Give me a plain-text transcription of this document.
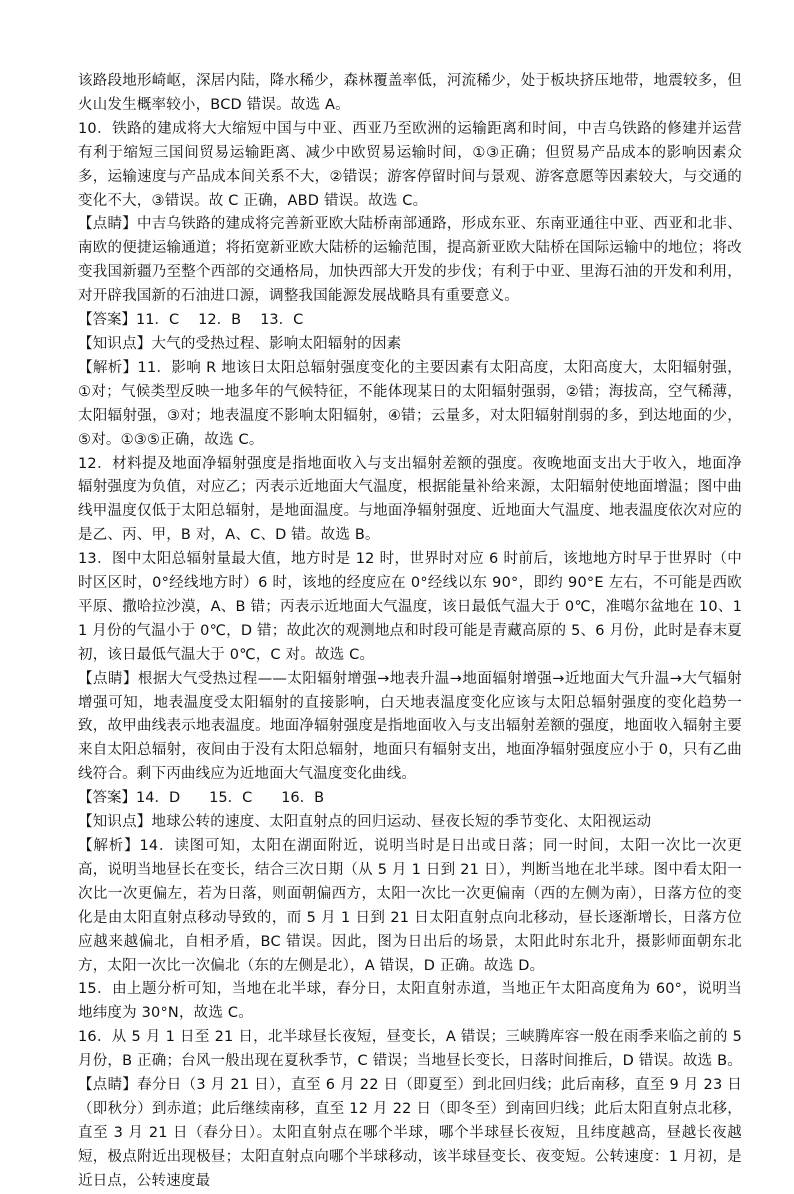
该路段地形崎岖，深居内陆，降水稀少，森林覆盖率低，河流稀少，处于板块挤压地带，地震较多，但火山发生概率较小，BCD 错误。故选 A。

10．铁路的建成将大大缩短中国与中亚、西亚乃至欧洲的运输距离和时间，中吉乌铁路的修建并运营有利于缩短三国间贸易运输距离、减少中欧贸易运输时间，①③正确；但贸易产品成本的影响因素众多，运输速度与产品成本间关系不大，②错误；游客停留时间与景观、游客意愿等因素较大，与交通的变化不大，③错误。故 C 正确，ABD 错误。故选 C。

【点睛】中吉乌铁路的建成将完善新亚欧大陆桥南部通路，形成东亚、东南亚通往中亚、西亚和北非、南欧的便捷运输通道；将拓宽新亚欧大陆桥的运输范围，提高新亚欧大陆桥在国际运输中的地位；将改变我国新疆乃至整个西部的交通格局，加快西部大开发的步伐；有利于中亚、里海石油的开发和利用，对开辟我国新的石油进口源，调整我国能源发展战略具有重要意义。

【答案】11．C　 12．B　 13．C

【知识点】大气的受热过程、影响太阳辐射的因素

【解析】11．影响 R 地该日太阳总辐射强度变化的主要因素有太阳高度，太阳高度大，太阳辐射强，①对；气候类型反映一地多年的气候特征，不能体现某日的太阳辐射强弱，②错；海拔高，空气稀薄，太阳辐射强，③对；地表温度不影响太阳辐射，④错；云量多，对太阳辐射削弱的多，到达地面的少，⑤对。①③⑤正确，故选 C。

12．材料提及地面净辐射强度是指地面收入与支出辐射差额的强度。夜晚地面支出大于收入，地面净辐射强度为负值，对应乙；丙表示近地面大气温度，根据能量补给来源，太阳辐射使地面增温；图中曲线甲温度仅低于太阳总辐射，是地面温度。与地面净辐射强度、近地面大气温度、地表温度依次对应的是乙、丙、甲，B 对，A、C、D 错。故选 B。

13．图中太阳总辐射量最大值，地方时是 12 时，世界时对应 6 时前后，该地地方时早于世界时（中时区区时，0°经线地方时）6 时，该地的经度应在 0°经线以东 90°，即约 90°E 左右，不可能是西欧平原、撒哈拉沙漠，A、B 错；丙表示近地面大气温度，该日最低气温大于 0℃，准噶尔盆地在 10、11 月份的气温小于 0℃，D 错；故此次的观测地点和时段可能是青藏高原的 5、6 月份，此时是春末夏初，该日最低气温大于 0℃，C 对。故选 C。

【点睛】根据大气受热过程——太阳辐射增强→地表升温→地面辐射增强→近地面大气升温→大气辐射增强可知，地表温度受太阳辐射的直接影响，白天地表温度变化应该与太阳总辐射强度的变化趋势一致，故甲曲线表示地表温度。地面净辐射强度是指地面收入与支出辐射差额的强度，地面收入辐射主要来自太阳总辐射，夜间由于没有太阳总辐射，地面只有辐射支出，地面净辐射强度应小于 0，只有乙曲线符合。剩下丙曲线应为近地面大气温度变化曲线。

【答案】14．D　　15．C　　16．B

【知识点】地球公转的速度、太阳直射点的回归运动、昼夜长短的季节变化、太阳视运动

【解析】14．读图可知，太阳在湖面附近，说明当时是日出或日落；同一时间，太阳一次比一次更高，说明当地昼长在变长，结合三次日期（从 5 月 1 日到 21 日），判断当地在北半球。图中看太阳一次比一次更偏左，若为日落，则面朝偏西方，太阳一次比一次更偏南（西的左侧为南），日落方位的变化是由太阳直射点移动导致的，而 5 月 1 日到 21 日太阳直射点向北移动，昼长逐渐增长，日落方位应越来越偏北，自相矛盾，BC 错误。因此，图为日出后的场景，太阳此时东北升，摄影师面朝东北方，太阳一次比一次偏北（东的左侧是北），A 错误，D 正确。故选 D。

15．由上题分析可知，当地在北半球，春分日，太阳直射赤道，当地正午太阳高度角为 60°，说明当地纬度为 30°N，故选 C。

16．从 5 月 1 日至 21 日，北半球昼长夜短，昼变长，A 错误；三峡腾库容一般在雨季来临之前的 5 月份，B 正确；台风一般出现在夏秋季节，C 错误；当地昼长变长，日落时间推后，D 错误。故选 B。

【点睛】春分日（3 月 21 日），直至 6 月 22 日（即夏至）到北回归线；此后南移，直至 9 月 23 日（即秋分）到赤道；此后继续南移，直至 12 月 22 日（即冬至）到南回归线；此后太阳直射点北移，直至 3 月 21 日（春分日）。太阳直射点在哪个半球，哪个半球昼长夜短，且纬度越高，昼越长夜越短，极点附近出现极昼；太阳直射点向哪个半球移动，该半球昼变长、夜变短。公转速度：1 月初，是近日点，公转速度最
